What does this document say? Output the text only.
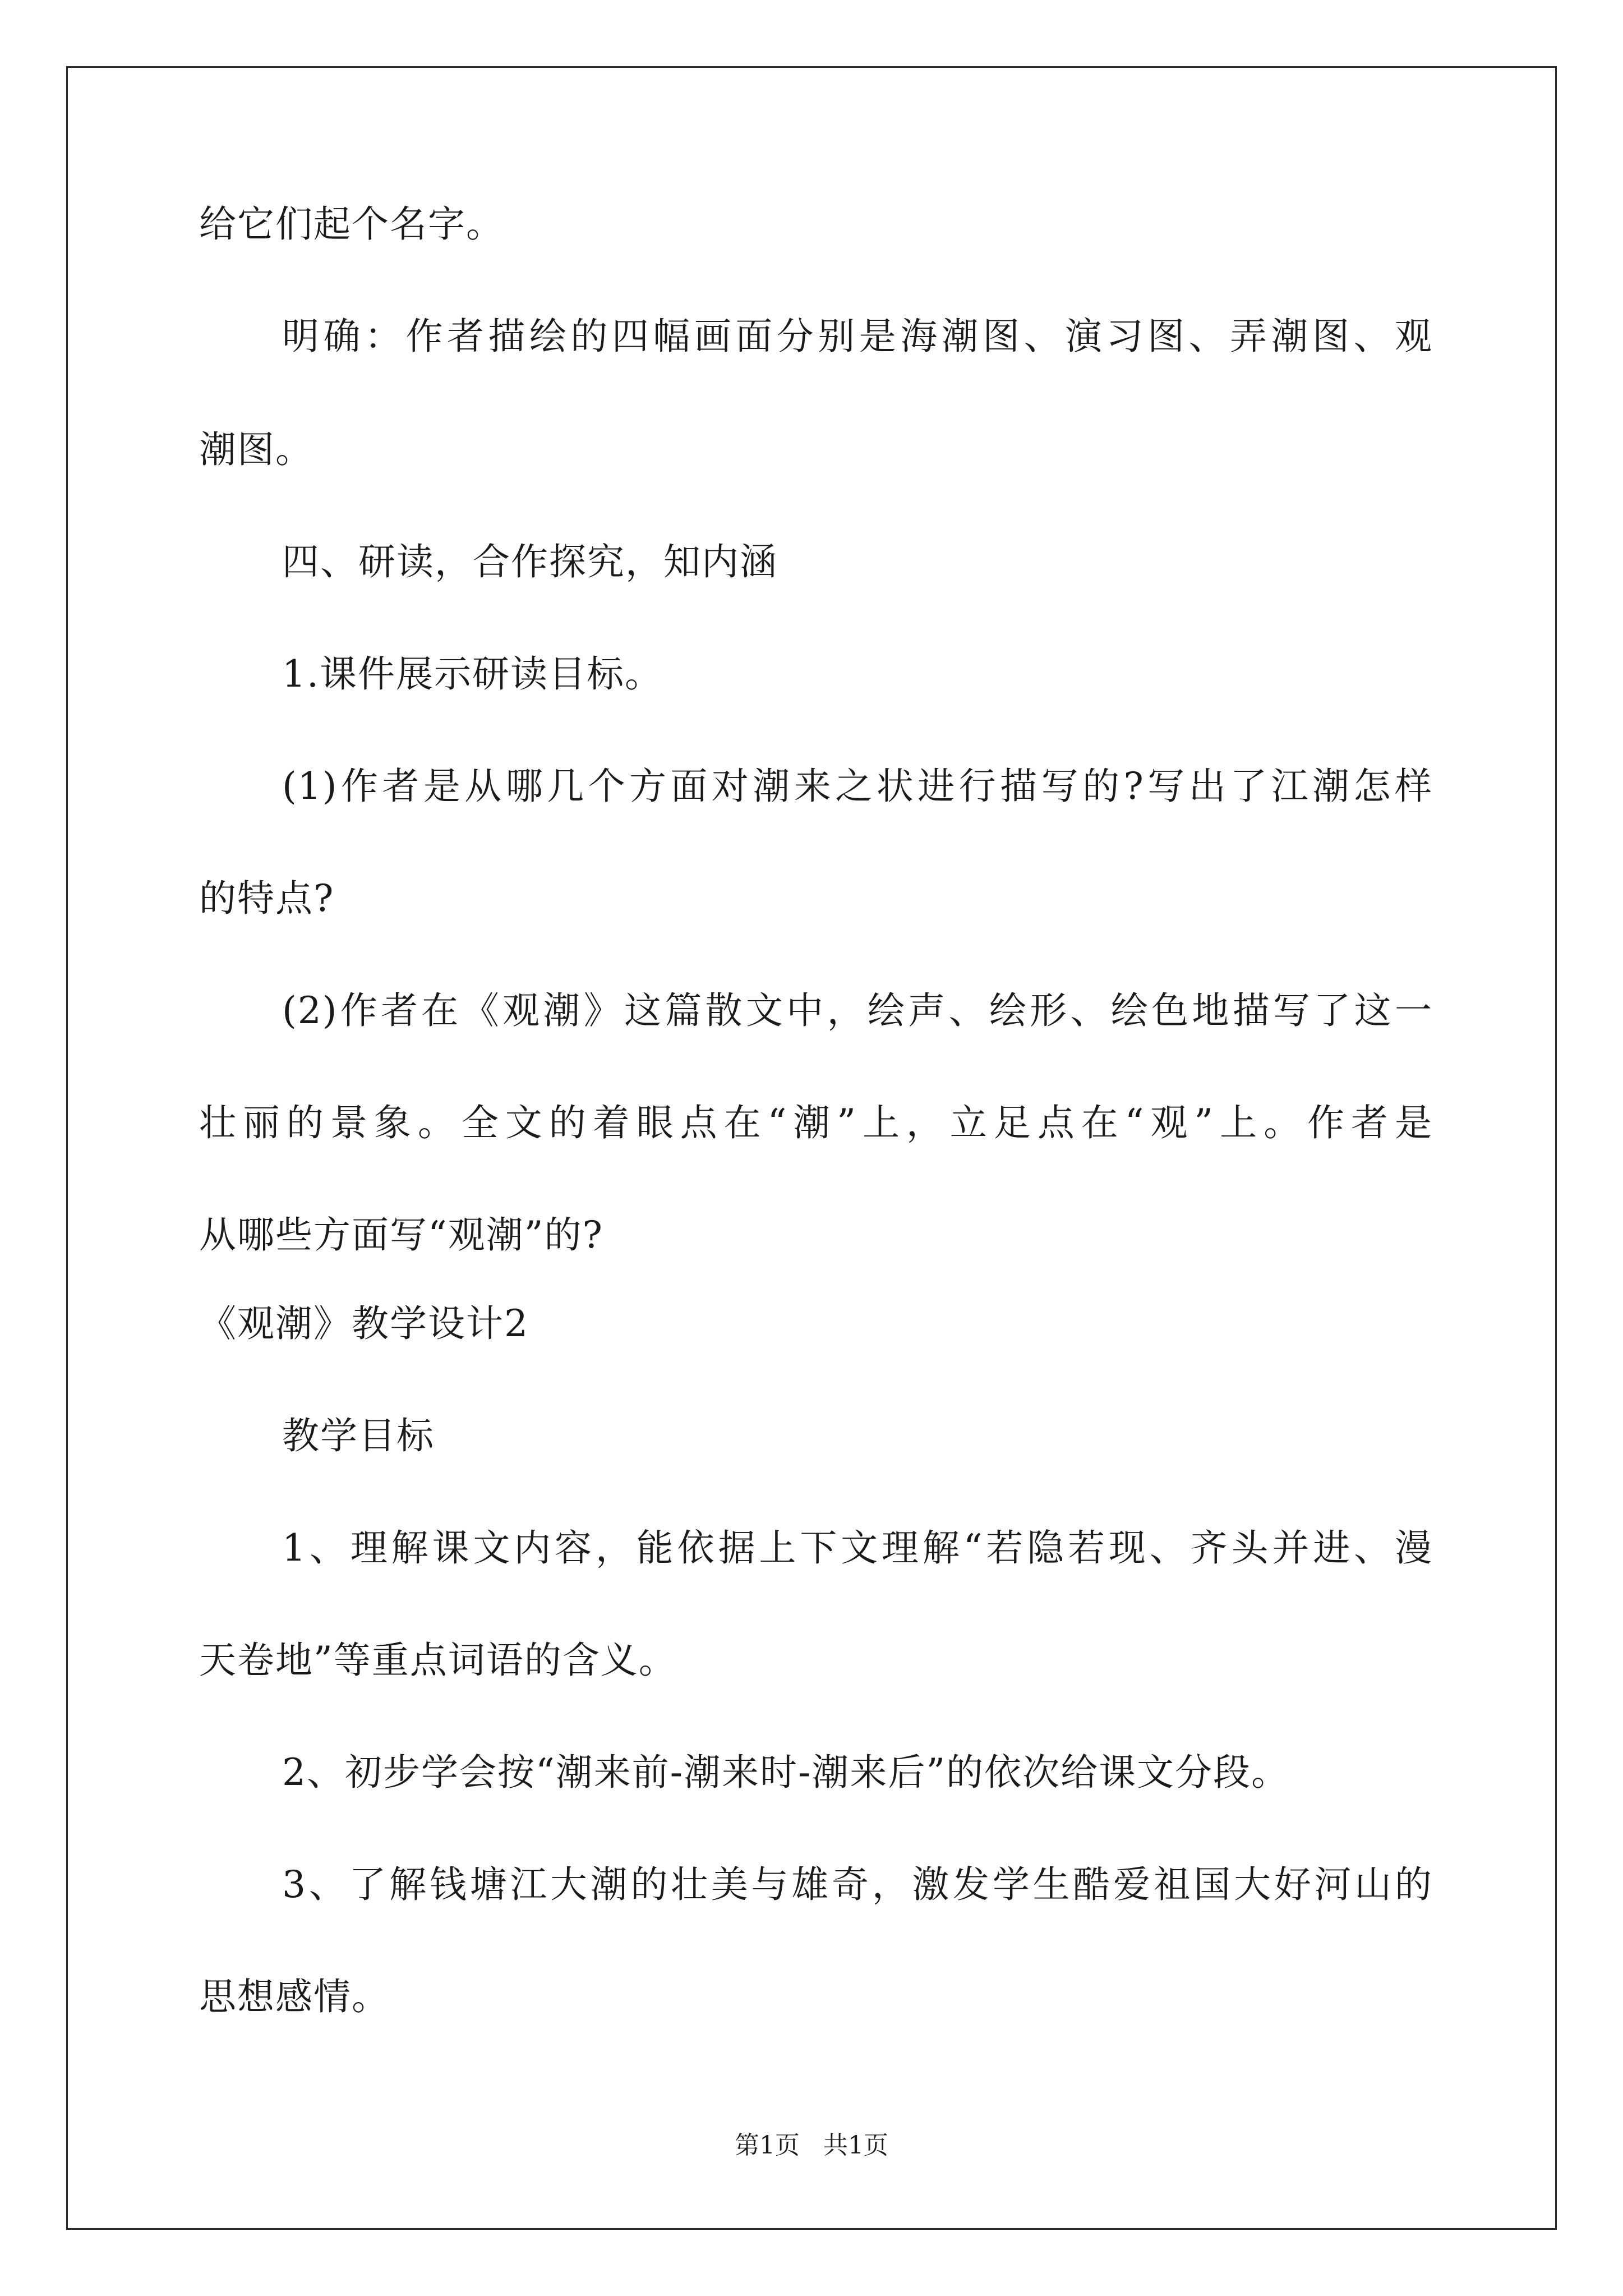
给它们起个名字。
明确：作者描绘的四幅画面分别是海潮图、演习图、弄潮图、观
潮图。
四、研读，合作探究，知内涵
1.课件展示研读目标。
(1)作者是从哪几个方面对潮来之状进行描写的?写出了江潮怎样
的特点?
(2)作者在《观潮》这篇散文中，绘声、绘形、绘色地描写了这一
壮丽的景象。全文的着眼点在“潮”上，立足点在“观”上。作者是
从哪些方面写“观潮”的?
《观潮》教学设计2
教学目标
1、理解课文内容，能依据上下文理解“若隐若现、齐头并进、漫
天卷地”等重点词语的含义。
2、初步学会按“潮来前-潮来时-潮来后”的依次给课文分段。
3、了解钱塘江大潮的壮美与雄奇，激发学生酷爱祖国大好河山的
思想感情。
第1页   共1页
